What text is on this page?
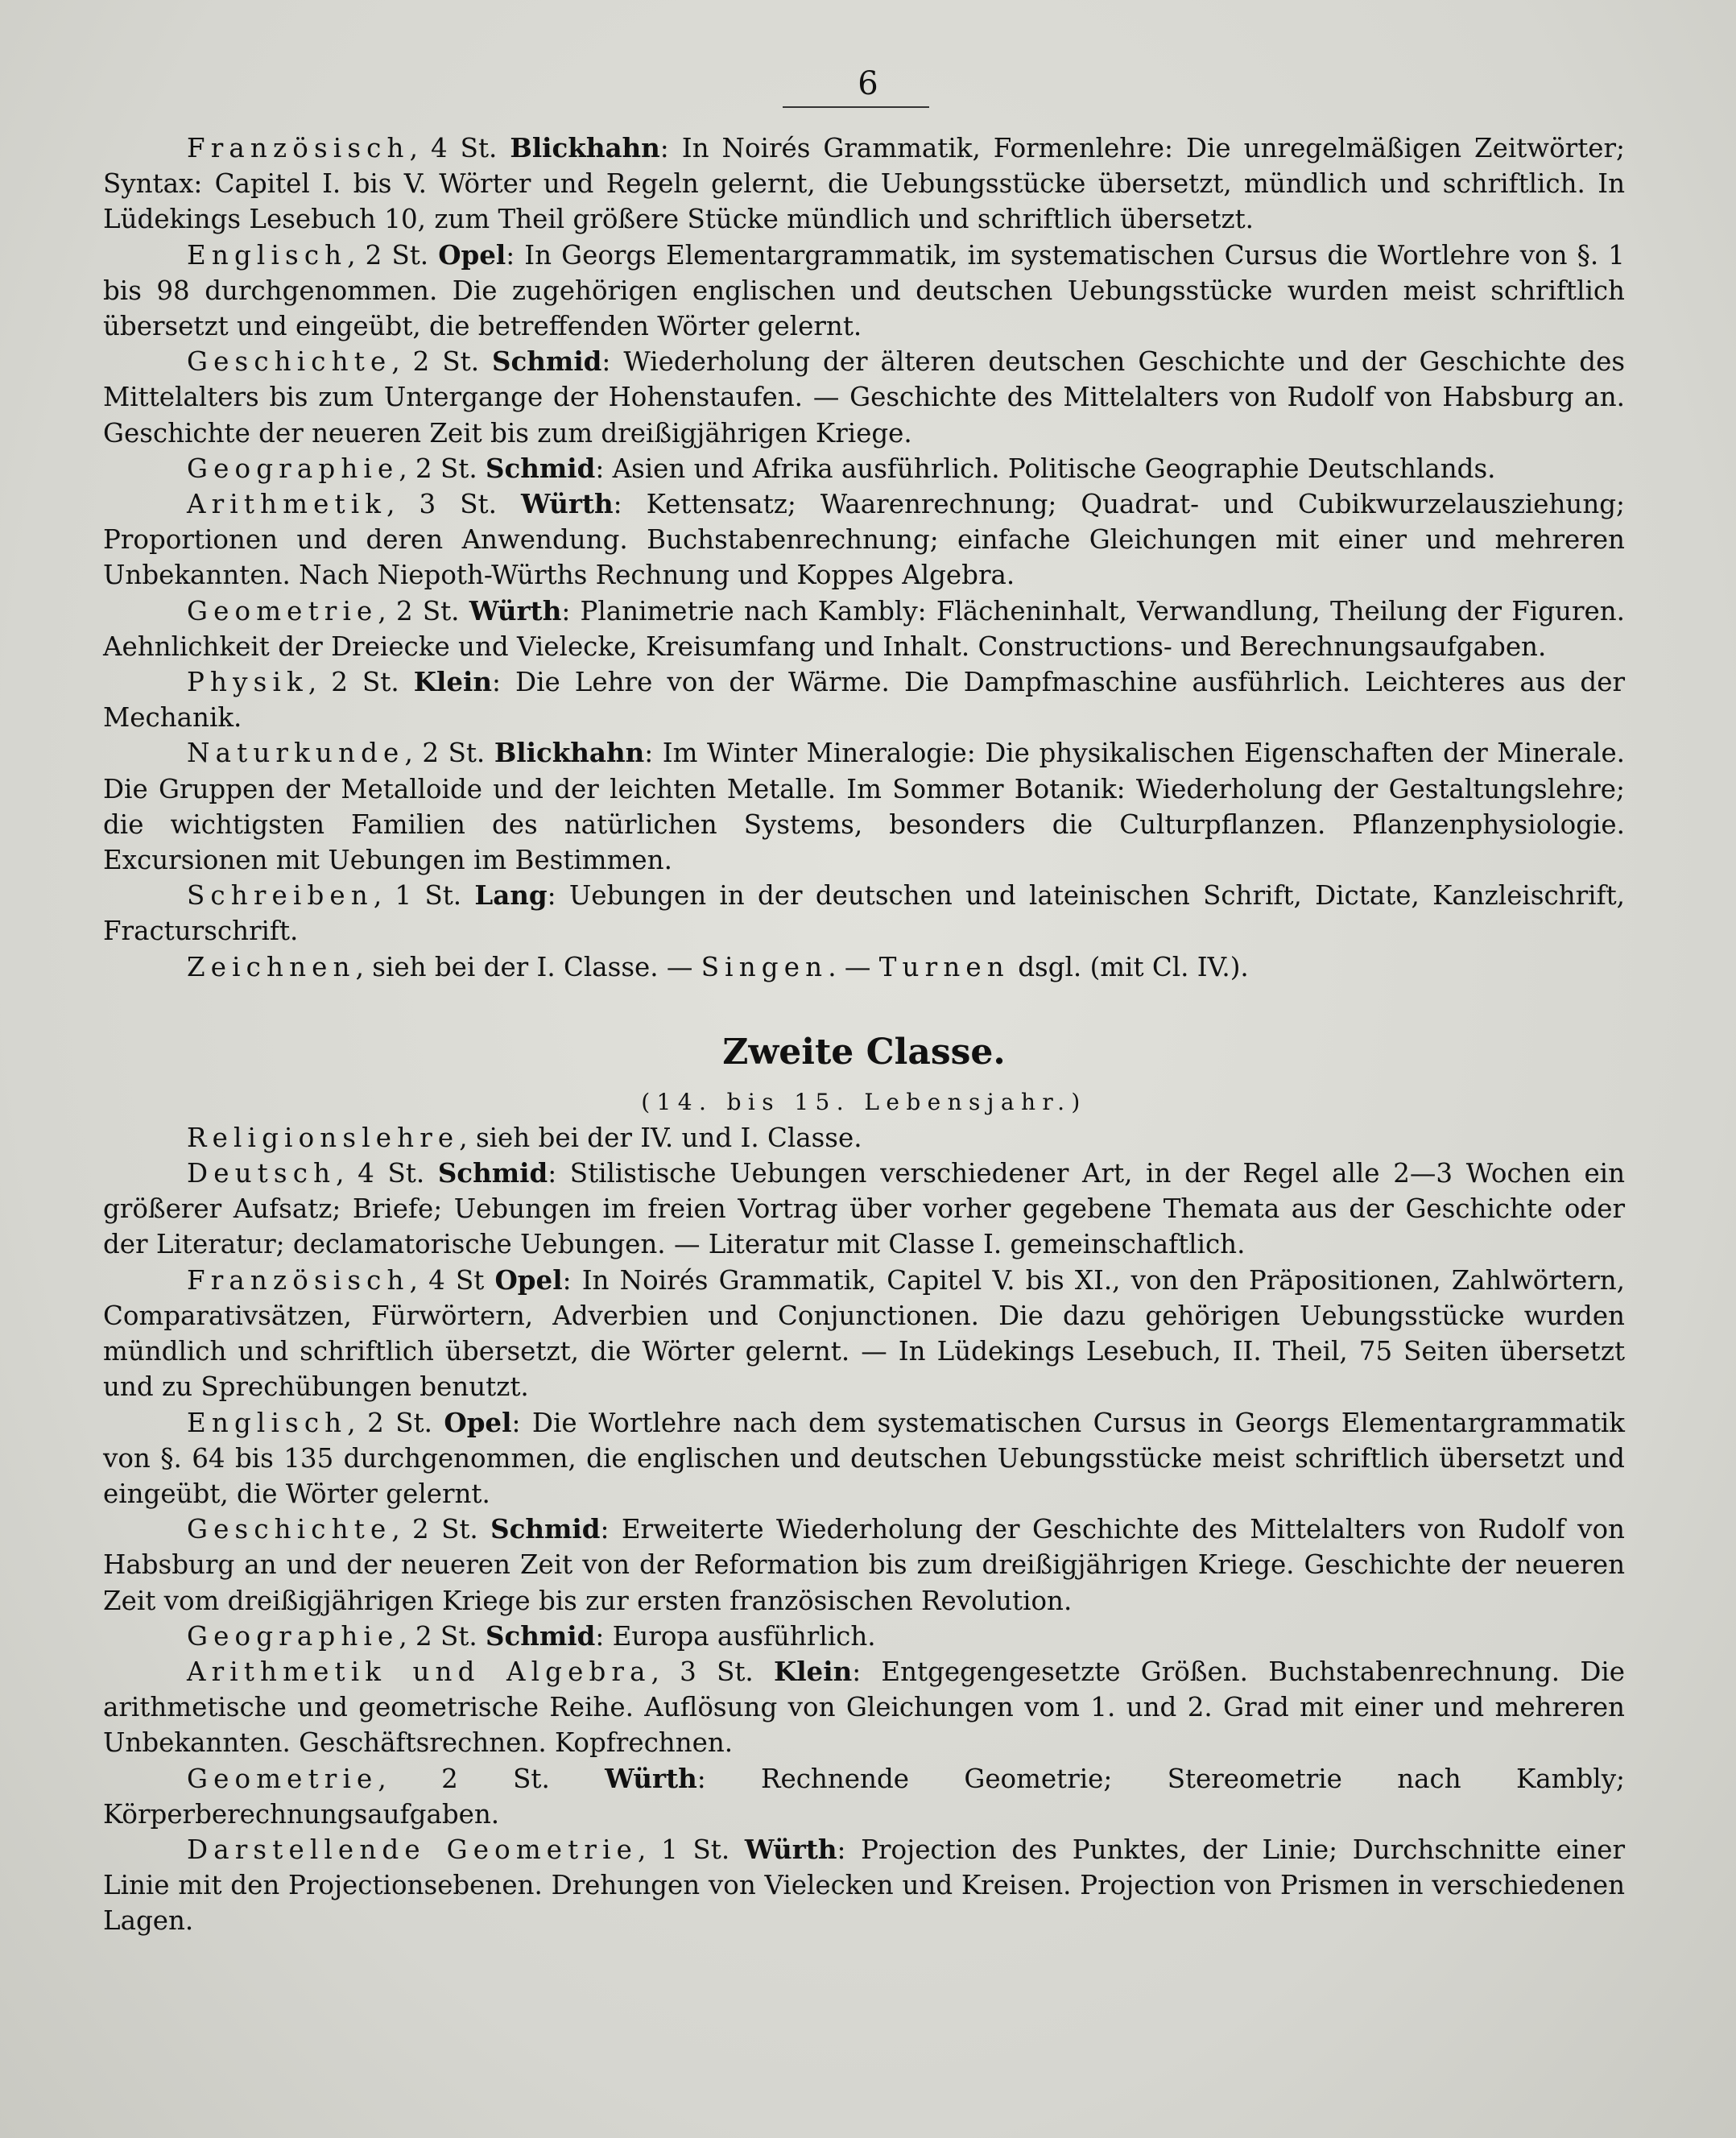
6

Französisch, 4 St. Blickhahn: In Noirés Grammatik, Formenlehre: Die unregelmäßigen Zeitwörter; Syntax: Capitel I. bis V. Wörter und Regeln gelernt, die Uebungsstücke übersetzt, mündlich und schriftlich. In Lüdekings Lesebuch 10, zum Theil größere Stücke mündlich und schriftlich übersetzt.

Englisch, 2 St. Opel: In Georgs Elementargrammatik, im systematischen Cursus die Wortlehre von §. 1 bis 98 durchgenommen. Die zugehörigen englischen und deutschen Uebungsstücke wurden meist schriftlich übersetzt und eingeübt, die betreffenden Wörter gelernt.

Geschichte, 2 St. Schmid: Wiederholung der älteren deutschen Geschichte und der Geschichte des Mittelalters bis zum Untergange der Hohenstaufen. — Geschichte des Mittelalters von Rudolf von Habsburg an. Geschichte der neueren Zeit bis zum dreißigjährigen Kriege.

Geographie, 2 St. Schmid: Asien und Afrika ausführlich. Politische Geographie Deutschlands.

Arithmetik, 3 St. Würth: Kettensatz; Waarenrechnung; Quadrat- und Cubikwurzelausziehung; Proportionen und deren Anwendung. Buchstabenrechnung; einfache Gleichungen mit einer und mehreren Unbekannten. Nach Niepoth-Würths Rechnung und Koppes Algebra.

Geometrie, 2 St. Würth: Planimetrie nach Kambly: Flächeninhalt, Verwandlung, Theilung der Figuren. Aehnlichkeit der Dreiecke und Vielecke, Kreisumfang und Inhalt. Constructions- und Berechnungsaufgaben.

Physik, 2 St. Klein: Die Lehre von der Wärme. Die Dampfmaschine ausführlich. Leichteres aus der Mechanik.

Naturkunde, 2 St. Blickhahn: Im Winter Mineralogie: Die physikalischen Eigenschaften der Minerale. Die Gruppen der Metalloide und der leichten Metalle. Im Sommer Botanik: Wiederholung der Gestaltungslehre; die wichtigsten Familien des natürlichen Systems, besonders die Culturpflanzen. Pflanzenphysiologie. Excursionen mit Uebungen im Bestimmen.

Schreiben, 1 St. Lang: Uebungen in der deutschen und lateinischen Schrift, Dictate, Kanzleischrift, Fracturschrift.

Zeichnen, sieh bei der I. Classe. — Singen. — Turnen dsgl. (mit Cl. IV.).

Zweite Classe.
(14. bis 15. Lebensjahr.)

Religionslehre, sieh bei der IV. und I. Classe.

Deutsch, 4 St. Schmid: Stilistische Uebungen verschiedener Art, in der Regel alle 2—3 Wochen ein größerer Aufsatz; Briefe; Uebungen im freien Vortrag über vorher gegebene Themata aus der Geschichte oder der Literatur; declamatorische Uebungen. — Literatur mit Classe I. gemeinschaftlich.

Französisch, 4 St Opel: In Noirés Grammatik, Capitel V. bis XI., von den Präpositionen, Zahlwörtern, Comparativsätzen, Fürwörtern, Adverbien und Conjunctionen. Die dazu gehörigen Uebungsstücke wurden mündlich und schriftlich übersetzt, die Wörter gelernt. — In Lüdekings Lesebuch, II. Theil, 75 Seiten übersetzt und zu Sprechübungen benutzt.

Englisch, 2 St. Opel: Die Wortlehre nach dem systematischen Cursus in Georgs Elementargrammatik von §. 64 bis 135 durchgenommen, die englischen und deutschen Uebungsstücke meist schriftlich übersetzt und eingeübt, die Wörter gelernt.

Geschichte, 2 St. Schmid: Erweiterte Wiederholung der Geschichte des Mittelalters von Rudolf von Habsburg an und der neueren Zeit von der Reformation bis zum dreißigjährigen Kriege. Geschichte der neueren Zeit vom dreißigjährigen Kriege bis zur ersten französischen Revolution.

Geographie, 2 St. Schmid: Europa ausführlich.

Arithmetik und Algebra, 3 St. Klein: Entgegengesetzte Größen. Buchstabenrechnung. Die arithmetische und geometrische Reihe. Auflösung von Gleichungen vom 1. und 2. Grad mit einer und mehreren Unbekannten. Geschäftsrechnen. Kopfrechnen.

Geometrie, 2 St. Würth: Rechnende Geometrie; Stereometrie nach Kambly; Körperberechnungsaufgaben.

Darstellende Geometrie, 1 St. Würth: Projection des Punktes, der Linie; Durchschnitte einer Linie mit den Projectionsebenen. Drehungen von Vielecken und Kreisen. Projection von Prismen in verschiedenen Lagen.
